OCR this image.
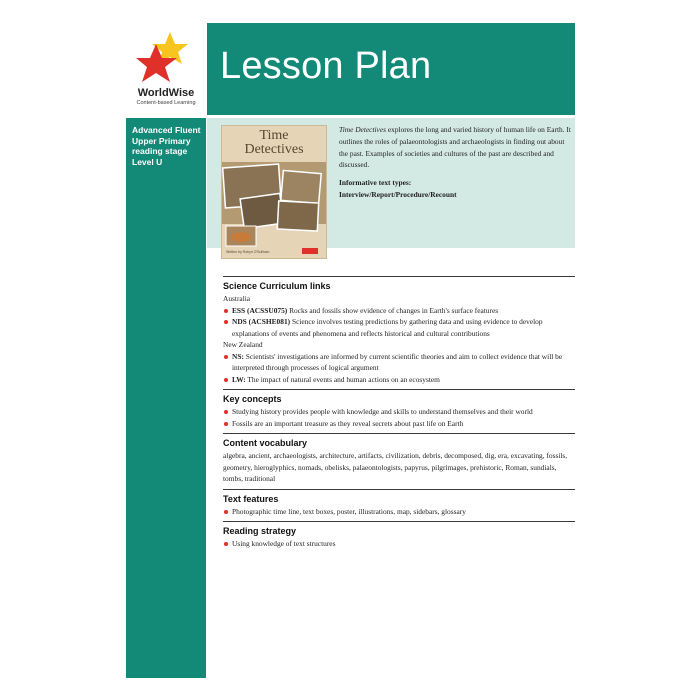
WorldWise
Content-based Learning
Lesson Plan
Advanced Fluent
Upper Primary
reading stage
Level U
Time
Detectives
Written by Robyn O'Sullivan
Time Detectives explores the long and varied history of human life on Earth. It outlines the roles of palaeontologists and archaeologists in finding out about the past. Examples of societies and cultures of the past are described and discussed.
Informative text types:
Interview/Report/Procedure/Recount
Science Curriculum links
Australia
ESS (ACSSU075) Rocks and fossils show evidence of changes in Earth's surface features
NDS (ACSHE081) Science involves testing predictions by gathering data and using evidence to develop explanations of events and phenomena and reflects historical and cultural contributions
New Zealand
NS: Scientists' investigations are informed by current scientific theories and aim to collect evidence that will be interpreted through processes of logical argument
LW: The impact of natural events and human actions on an ecosystem
Key concepts
Studying history provides people with knowledge and skills to understand themselves and their world
Fossils are an important treasure as they reveal secrets about past life on Earth
Content vocabulary
algebra, ancient, archaeologists, architecture, artifacts, civilization, debris, decomposed, dig, era, excavating, fossils, geometry, hieroglyphics, nomads, obelisks, palaeontologists, papyrus, pilgrimages, prehistoric, Roman, sundials, tombs, traditional
Text features
Photographic time line, text boxes, poster, illustrations, map, sidebars, glossary
Reading strategy
Using knowledge of text structures
